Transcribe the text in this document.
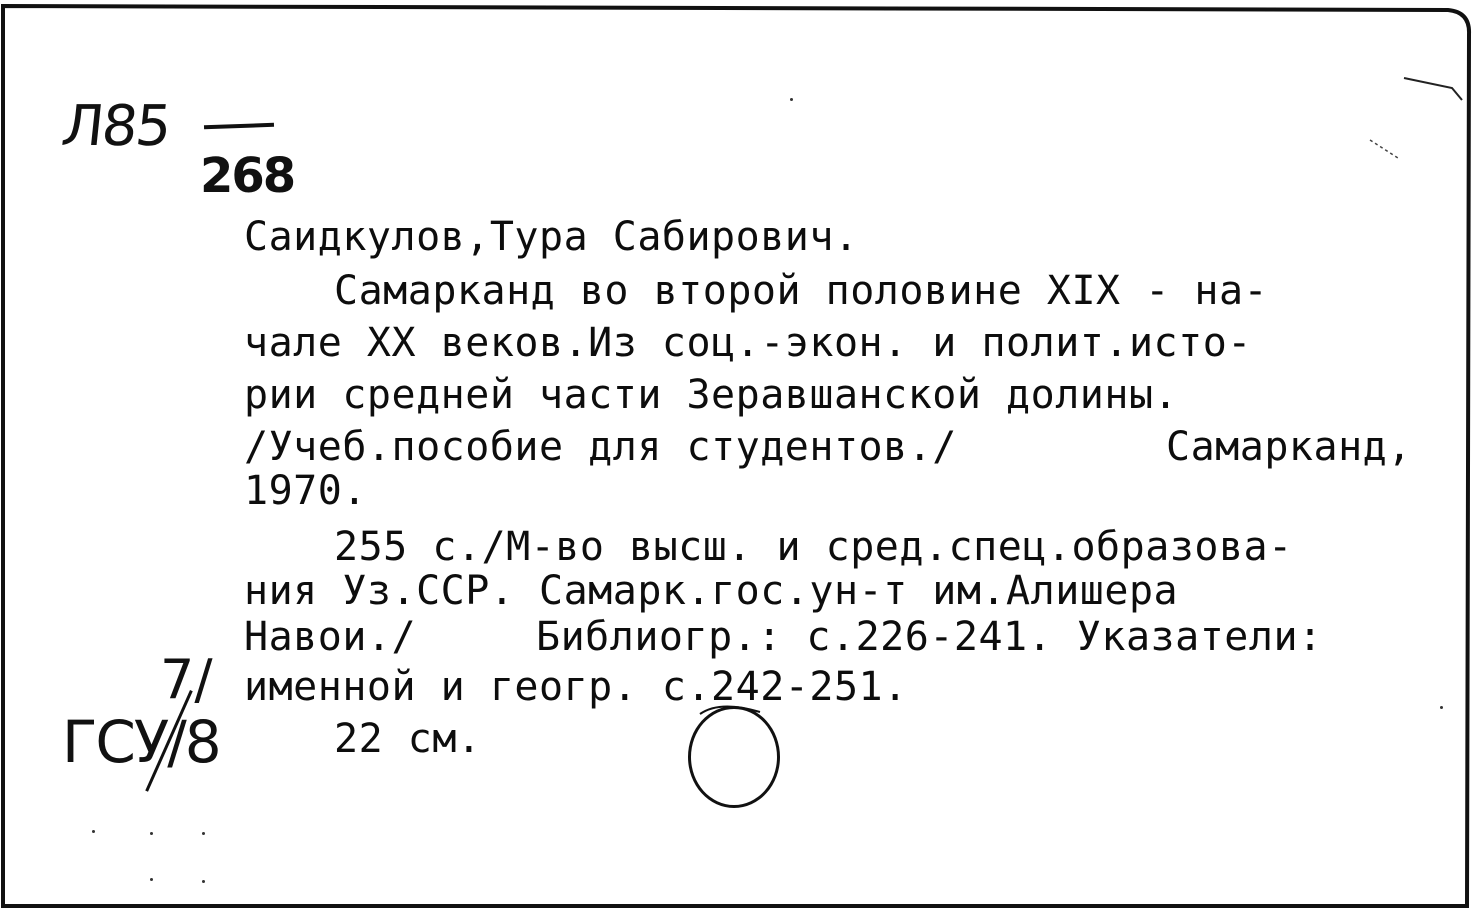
Л85
268

Саидкулов,Тура Сабирович.

Самарканд во второй половине XIX - на-

чале XX веков.Из соц.-экон. и полит.исто-

рии средней части Зеравшанской долины.

/Учеб.пособие для студентов./	Самарканд,

1970.

255 с./М-во высш. и сред.спец.образова-

ния Уз.ССР. Самарк.гос.ун-т им.Алишера

Навои./	Библиогр.: с.226-241. Указатели:

именной и геогр. с.242-251.

22 см.

7/
ГСУ/8
